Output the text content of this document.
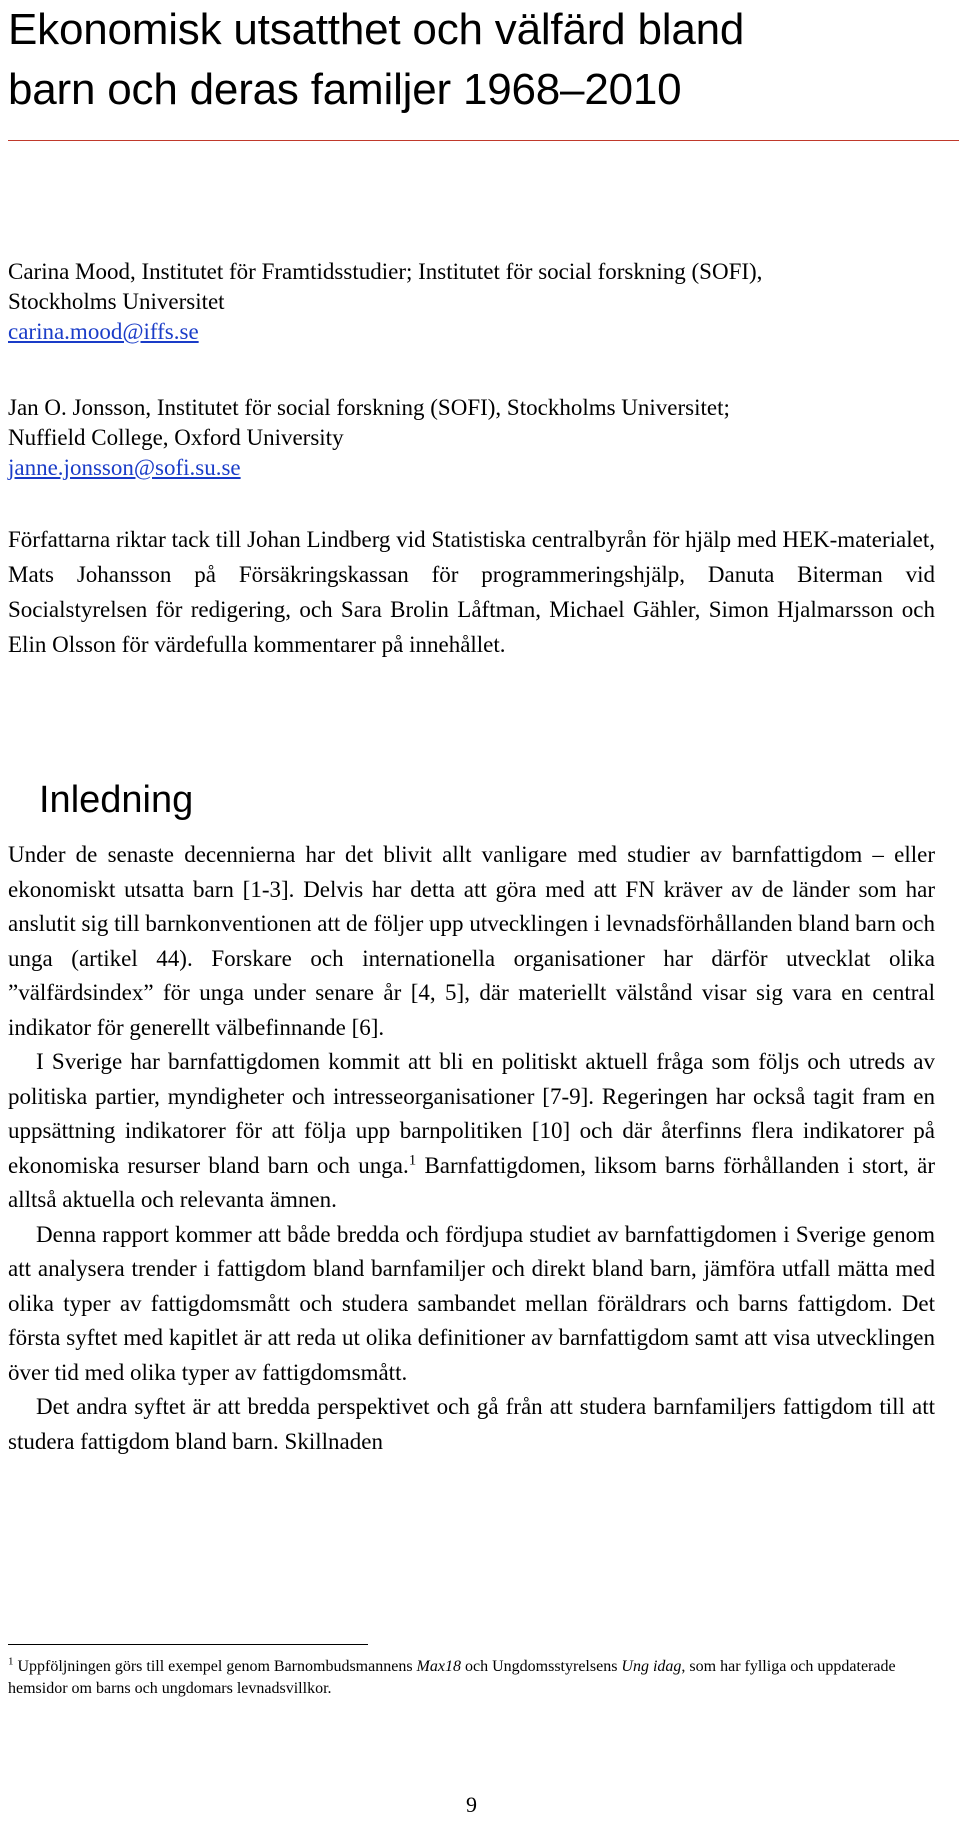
Ekonomisk utsatthet och välfärd bland
barn och deras familjer 1968–2010
Carina Mood, Institutet för Framtidsstudier; Institutet för social forskning (SOFI),
Stockholms Universitet
carina.mood@iffs.se
Jan O. Jonsson, Institutet för social forskning (SOFI), Stockholms Universitet;
Nuffield College, Oxford University
janne.jonsson@sofi.su.se
Författarna riktar tack till Johan Lindberg vid Statistiska centralbyrån för hjälp med HEK-materialet, Mats Johansson på Försäkringskassan för programmeringshjälp, Danuta Biterman vid Socialstyrelsen för redigering, och Sara Brolin Låftman, Michael Gähler, Simon Hjalmarsson och Elin Olsson för värdefulla kommentarer på innehållet.
Inledning

Under de senaste decennierna har det blivit allt vanligare med studier av barnfattigdom – eller ekonomiskt utsatta barn [1-3]. Delvis har detta att göra med att FN kräver av de länder som har anslutit sig till barnkonventionen att de följer upp utvecklingen i levnadsförhållanden bland barn och unga (artikel 44). Forskare och internationella organisationer har därför utvecklat olika ”välfärdsindex” för unga under senare år [4, 5], där materiellt välstånd visar sig vara en central indikator för generellt välbefinnande [6].

I Sverige har barnfattigdomen kommit att bli en politiskt aktuell fråga som följs och utreds av politiska partier, myndigheter och intresseorganisationer [7-9]. Regeringen har också tagit fram en uppsättning indikatorer för att följa upp barnpolitiken [10] och där återfinns flera indikatorer på ekonomiska resurser bland barn och unga.$^1$ Barnfattigdomen, liksom barns förhållanden i stort, är alltså aktuella och relevanta ämnen.

Denna rapport kommer att både bredda och fördjupa studiet av barnfattigdomen i Sverige genom att analysera trender i fattigdom bland barnfamiljer och direkt bland barn, jämföra utfall mätta med olika typer av fattigdomsmått och studera sambandet mellan föräldrars och barns fattigdom. Det första syftet med kapitlet är att reda ut olika definitioner av barnfattigdom samt att visa utvecklingen över tid med olika typer av fattigdomsmått.

Det andra syftet är att bredda perspektivet och gå från att studera barnfamiljers fattigdom till att studera fattigdom bland barn. Skillnaden

$^1$ Uppföljningen görs till exempel genom Barnombudsmannens Max18 och Ungdomsstyrelsens Ung idag, som har fylliga och uppdaterade hemsidor om barns och ungdomars levnadsvillkor.
9
